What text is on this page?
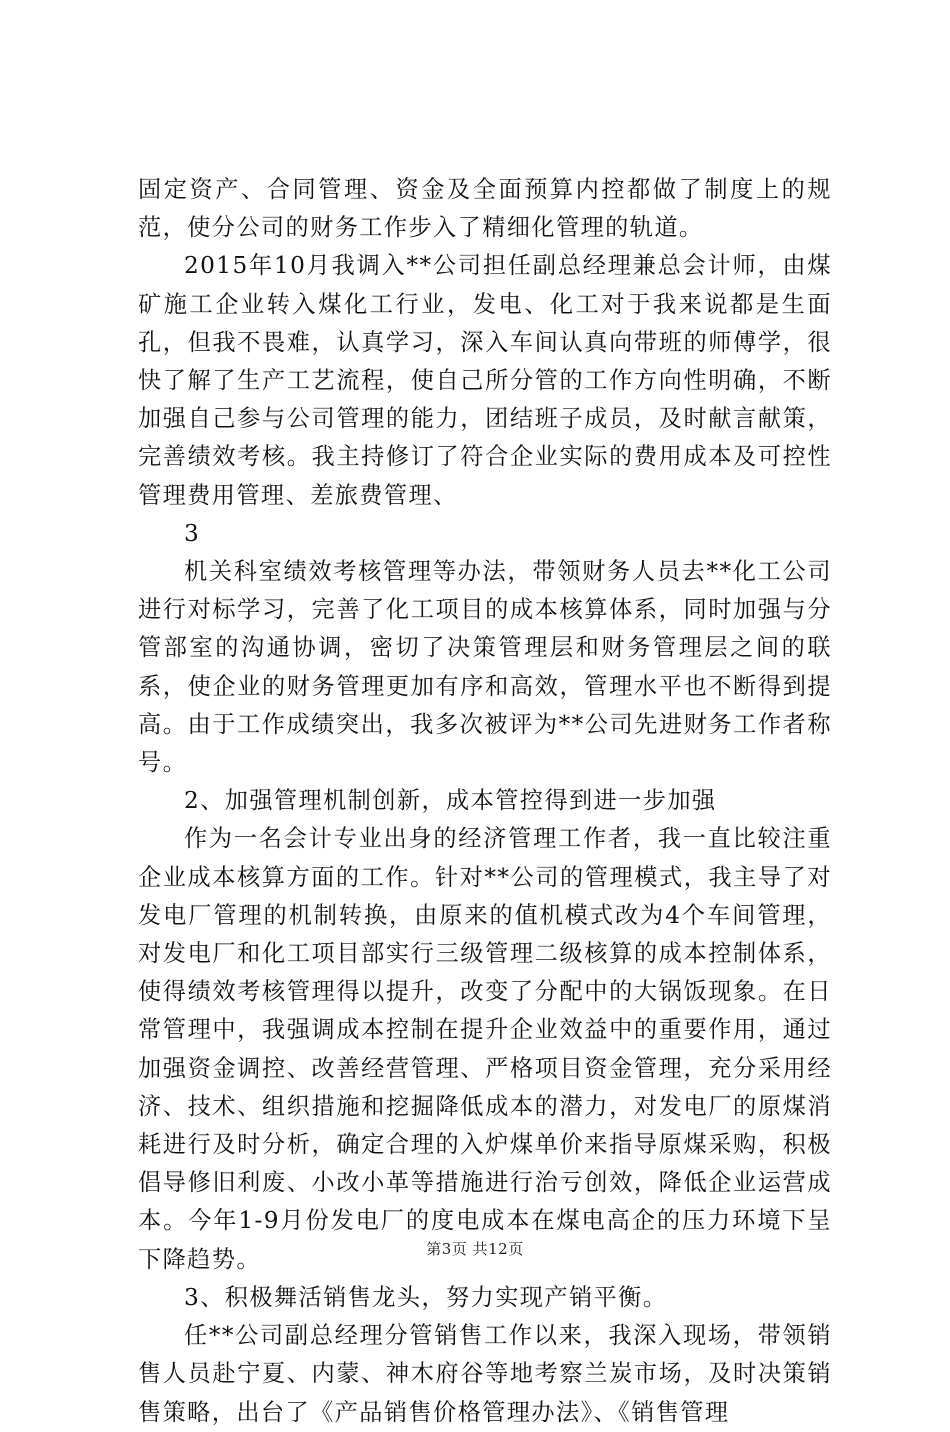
固定资产、合同管理、资金及全面预算内控都做了制度上的规范，使分公司的财务工作步入了精细化管理的轨道。

2015年10月我调入**公司担任副总经理兼总会计师，由煤矿施工企业转入煤化工行业，发电、化工对于我来说都是生面孔，但我不畏难，认真学习，深入车间认真向带班的师傅学，很快了解了生产工艺流程，使自己所分管的工作方向性明确，不断加强自己参与公司管理的能力，团结班子成员，及时献言献策，完善绩效考核。我主持修订了符合企业实际的费用成本及可控性管理费用管理、差旅费管理、

3

机关科室绩效考核管理等办法，带领财务人员去**化工公司进行对标学习，完善了化工项目的成本核算体系，同时加强与分管部室的沟通协调，密切了决策管理层和财务管理层之间的联系，使企业的财务管理更加有序和高效，管理水平也不断得到提高。由于工作成绩突出，我多次被评为**公司先进财务工作者称号。

2、加强管理机制创新，成本管控得到进一步加强

作为一名会计专业出身的经济管理工作者，我一直比较注重企业成本核算方面的工作。针对**公司的管理模式，我主导了对发电厂管理的机制转换，由原来的值机模式改为4个车间管理，对发电厂和化工项目部实行三级管理二级核算的成本控制体系，使得绩效考核管理得以提升，改变了分配中的大锅饭现象。在日常管理中，我强调成本控制在提升企业效益中的重要作用，通过加强资金调控、改善经营管理、严格项目资金管理，充分采用经济、技术、组织措施和挖掘降低成本的潜力，对发电厂的原煤消耗进行及时分析，确定合理的入炉煤单价来指导原煤采购，积极倡导修旧利废、小改小革等措施进行治亏创效，降低企业运营成本。今年1-9月份发电厂的度电成本在煤电高企的压力环境下呈下降趋势。

3、积极舞活销售龙头，努力实现产销平衡。

任**公司副总经理分管销售工作以来，我深入现场，带领销售人员赴宁夏、内蒙、神木府谷等地考察兰炭市场，及时决策销售策略，出台了《产品销售价格管理办法》、《销售管理

第3页 共12页
